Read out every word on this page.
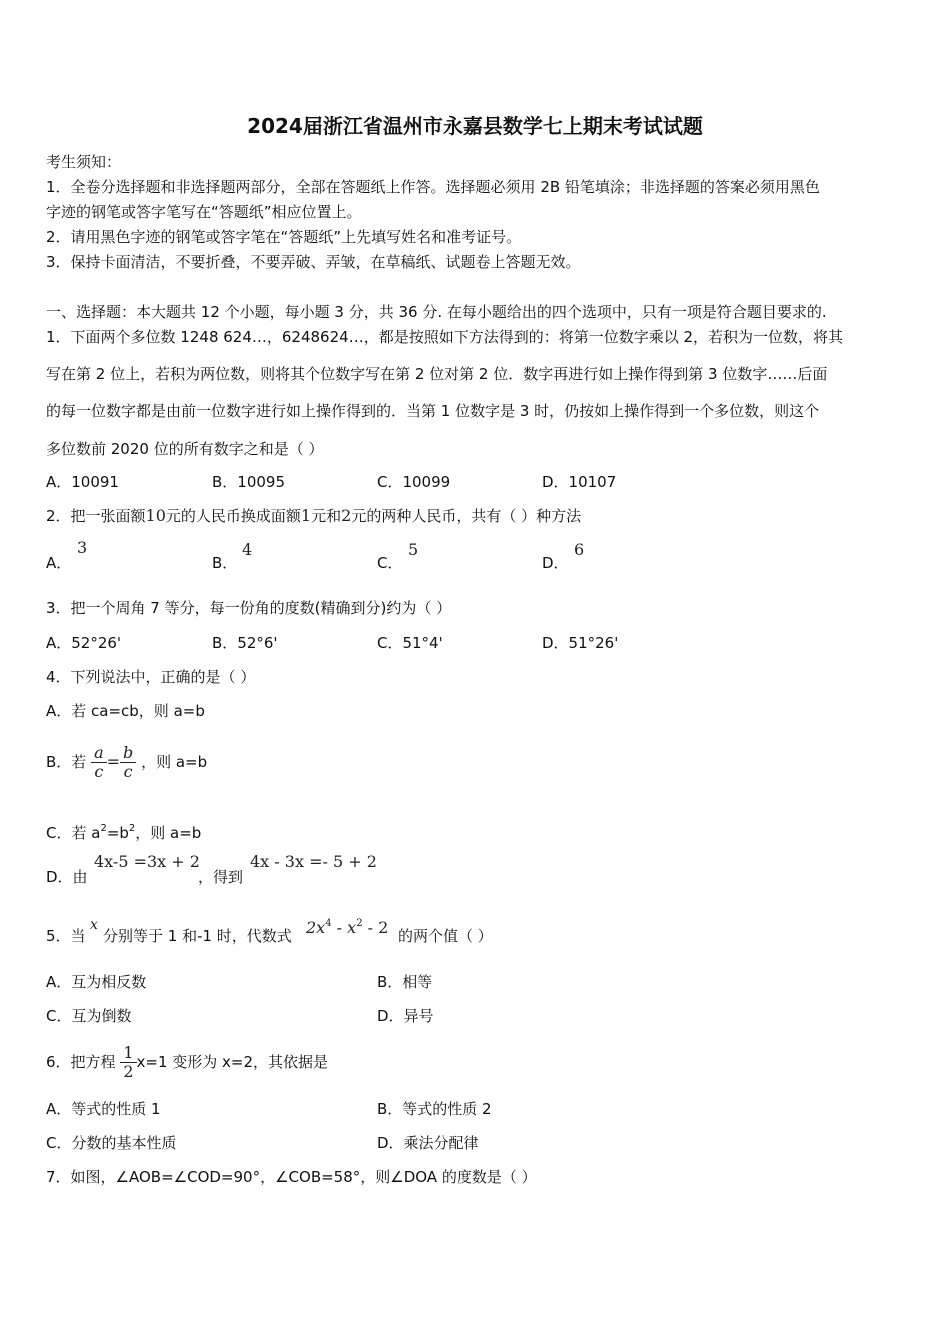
2024届浙江省温州市永嘉县数学七上期末考试试题
考生须知：
1．全卷分选择题和非选择题两部分，全部在答题纸上作答。选择题必须用 2B 铅笔填涂；非选择题的答案必须用黑色
字迹的钢笔或答字笔写在“答题纸”相应位置上。
2．请用黑色字迹的钢笔或答字笔在“答题纸”上先填写姓名和准考证号。
3．保持卡面清洁，不要折叠，不要弄破、弄皱，在草稿纸、试题卷上答题无效。
一、选择题：本大题共 12 个小题，每小题 3 分，共 36 分. 在每小题给出的四个选项中，只有一项是符合题目要求的.
1．下面两个多位数 1248 624…，6248624…，都是按照如下方法得到的：将第一位数字乘以 2，若积为一位数，将其
写在第 2 位上，若积为两位数，则将其个位数字写在第 2 位对第 2 位．数字再进行如上操作得到第 3 位数字……后面
的每一位数字都是由前一位数字进行如上操作得到的．当第 1 位数字是 3 时，仍按如上操作得到一个多位数，则这个
多位数前 2020 位的所有数字之和是（ ）
A．10091	B．10095	C．10099	D．10107
2．把一张面额10元的人民币换成面额1元和2元的两种人民币，共有（ ）种方法
A．
3
B．
4
C．
5
D．
6
3．把一个周角 7 等分，每一份角的度数(精确到分)约为（ ）
A．52°26'	B．52°6'	C．51°4'	D．51°26'
4．下列说法中，正确的是（ ）
A．若 ca=cb，则 a=b
B．若 $\frac{a}{c} = \frac{b}{c}$ ，则 a=b
C．若 $a^2=b^2$，则 a=b
D．由
4x-5 =3x + 2
，得到
4x - 3x =- 5 + 2
5．当
x
分别等于 1 和-1 时，代数式 $2x^4 - x^2 - 2$ 的两个值（ ）
A．互为相反数	B．相等
C．互为倒数	D．异号
6．把方程 $\frac{1}{2} x=1$ 变形为 x=2，其依据是
A．等式的性质 1	B．等式的性质 2
C．分数的基本性质	D．乘法分配律
7．如图，∠AOB=∠COD=90°，∠COB=58°，则∠DOA 的度数是（ ）
